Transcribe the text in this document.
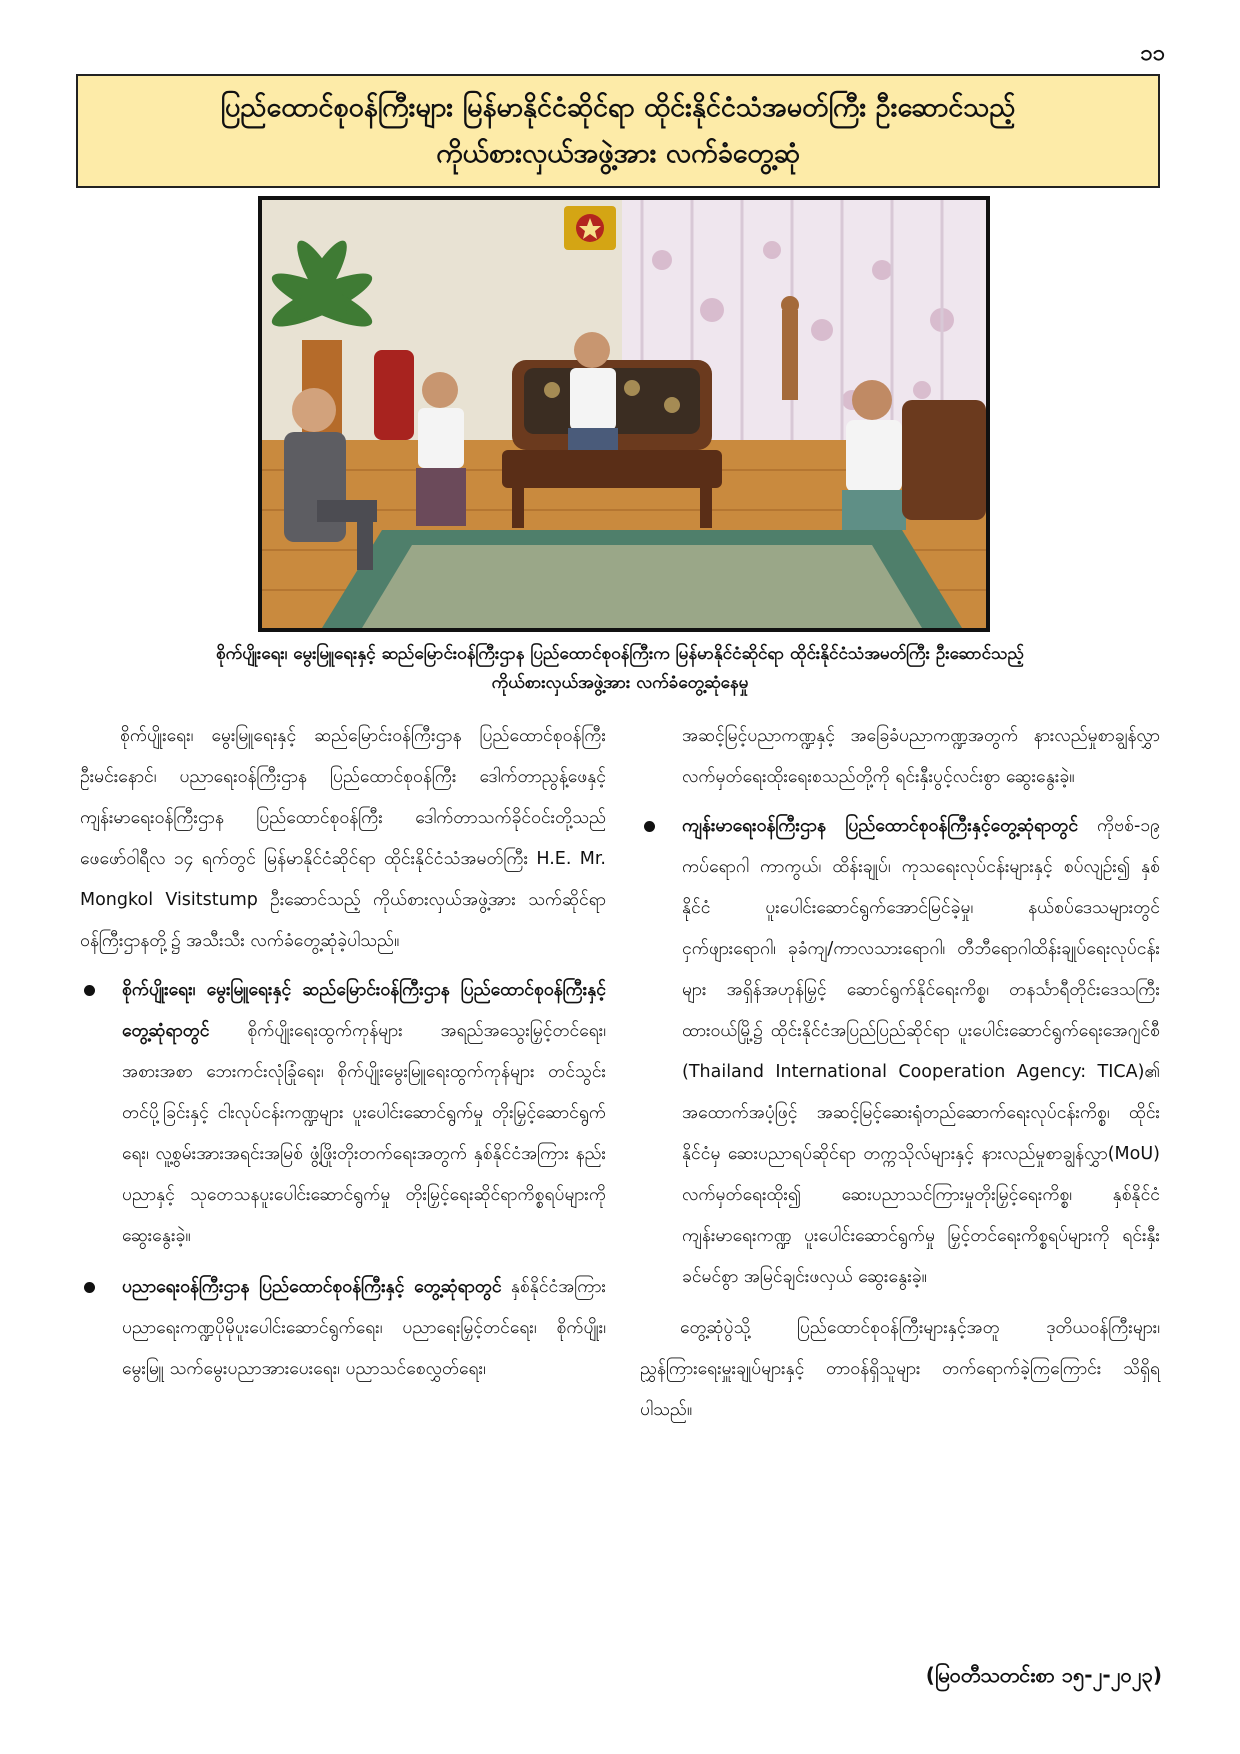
၁၁
ပြည်ထောင်စုဝန်ကြီးများ မြန်မာနိုင်ငံဆိုင်ရာ ထိုင်းနိုင်ငံသံအမတ်ကြီး ဦးဆောင်သည့်
ကိုယ်စားလှယ်အဖွဲ့အား လက်ခံတွေ့ဆုံ
စိုက်ပျိုးရေး၊ မွေးမြူရေးနှင့် ဆည်မြောင်းဝန်ကြီးဌာန ပြည်ထောင်စုဝန်ကြီးက မြန်မာနိုင်ငံဆိုင်ရာ ထိုင်းနိုင်ငံသံအမတ်ကြီး ဦးဆောင်သည့်
ကိုယ်စားလှယ်အဖွဲ့အား လက်ခံတွေ့ဆုံနေမှု

စိုက်ပျိုးရေး၊ မွေးမြူရေးနှင့် ဆည်မြောင်းဝန်ကြီးဌာန ပြည်ထောင်စုဝန်ကြီး ဦးမင်းနောင်၊ ပညာရေးဝန်ကြီးဌာန ပြည်ထောင်စုဝန်ကြီး ဒေါက်တာညွန့်ဖေနှင့် ကျန်းမာရေးဝန်ကြီးဌာန ပြည်ထောင်စုဝန်ကြီး ဒေါက်တာသက်ခိုင်ဝင်းတို့သည် ဖေဖော်ဝါရီလ ၁၄ ရက်တွင် မြန်မာနိုင်ငံဆိုင်ရာ ထိုင်းနိုင်ငံသံအမတ်ကြီး H.E. Mr. Mongkol Visitstump ဦးဆောင်သည့် ကိုယ်စားလှယ်အဖွဲ့အား သက်ဆိုင်ရာဝန်ကြီးဌာနတို့၌ အသီးသီး လက်ခံတွေ့ဆုံခဲ့ပါသည်။

စိုက်ပျိုးရေး၊ မွေးမြူရေးနှင့် ဆည်မြောင်းဝန်ကြီးဌာန ပြည်ထောင်စုဝန်ကြီးနှင့်တွေ့ဆုံရာတွင် စိုက်ပျိုးရေးထွက်ကုန်များ အရည်အသွေးမြှင့်တင်ရေး၊ အစားအစာ ဘေးကင်းလုံခြုံရေး၊ စိုက်ပျိုးမွေးမြူရေးထွက်ကုန်များ တင်သွင်းတင်ပို့ခြင်းနှင့် ငါးလုပ်ငန်းကဏ္ဍများ ပူးပေါင်းဆောင်ရွက်မှု တိုးမြှင့်ဆောင်ရွက်ရေး၊ လူ့စွမ်းအားအရင်းအမြစ် ဖွံ့ဖြိုးတိုးတက်ရေးအတွက် နှစ်နိုင်ငံအကြား နည်းပညာနှင့် သုတေသနပူးပေါင်းဆောင်ရွက်မှု တိုးမြှင့်ရေးဆိုင်ရာကိစ္စရပ်များကို ဆွေးနွေးခဲ့။
ပညာရေးဝန်ကြီးဌာန ပြည်ထောင်စုဝန်ကြီးနှင့် တွေ့ဆုံရာတွင် နှစ်နိုင်ငံအကြား ပညာရေးကဏ္ဍပိုမိုပူးပေါင်းဆောင်ရွက်ရေး၊ ပညာရေးမြှင့်တင်ရေး၊ စိုက်ပျိုး၊ မွေးမြူ သက်မွေးပညာအားပေးရေး၊ ပညာသင်စေလွှတ်ရေး၊

အဆင့်မြင့်ပညာကဏ္ဍနှင့် အခြေခံပညာကဏ္ဍအတွက် နားလည်မှုစာချွန်လွှာ လက်မှတ်ရေးထိုးရေးစသည်တို့ကို ရင်းနှီးပွင့်လင်းစွာ ဆွေးနွေးခဲ့။

ကျန်းမာရေးဝန်ကြီးဌာန ပြည်ထောင်စုဝန်ကြီးနှင့်တွေ့ဆုံရာတွင် ကိုဗစ်-၁၉ ကပ်ရောဂါ ကာကွယ်၊ ထိန်းချုပ်၊ ကုသရေးလုပ်ငန်းများနှင့် စပ်လျဉ်း၍ နှစ်နိုင်ငံ ပူးပေါင်းဆောင်ရွက်အောင်မြင်ခဲ့မှု၊ နယ်စပ်ဒေသများတွင် ငှက်ဖျားရောဂါ၊ ခုခံကျ/ကာလသားရောဂါ၊ တီဘီရောဂါထိန်းချုပ်ရေးလုပ်ငန်းများ အရှိန်အဟုန်မြှင့် ဆောင်ရွက်နိုင်ရေးကိစ္စ၊ တနင်္သာရီတိုင်းဒေသကြီး ထားဝယ်မြို့၌ ထိုင်းနိုင်ငံအပြည်ပြည်ဆိုင်ရာ ပူးပေါင်းဆောင်ရွက်ရေးအေဂျင်စီ (Thailand International Cooperation Agency: TICA)၏ အထောက်အပံ့ဖြင့် အဆင့်မြင့်ဆေးရုံတည်ဆောက်ရေးလုပ်ငန်းကိစ္စ၊ ထိုင်းနိုင်ငံမှ ဆေးပညာရပ်ဆိုင်ရာ တက္ကသိုလ်များနှင့် နားလည်မှုစာချွန်လွှာ(MoU) လက်မှတ်ရေးထိုး၍ ဆေးပညာသင်ကြားမှုတိုးမြှင့်ရေးကိစ္စ၊ နှစ်နိုင်ငံကျန်းမာရေးကဏ္ဍ ပူးပေါင်းဆောင်ရွက်မှု မြှင့်တင်ရေးကိစ္စရပ်များကို ရင်းနှီးခင်မင်စွာ အမြင်ချင်းဖလှယ် ဆွေးနွေးခဲ့။

တွေ့ဆုံပွဲသို့ ပြည်ထောင်စုဝန်ကြီးများနှင့်အတူ ဒုတိယဝန်ကြီးများ၊ ညွှန်ကြားရေးမှူးချုပ်များနှင့် တာဝန်ရှိသူများ တက်ရောက်ခဲ့ကြကြောင်း သိရှိရပါသည်။

(မြဝတီသတင်းစာ ၁၅-၂-၂၀၂၃)
